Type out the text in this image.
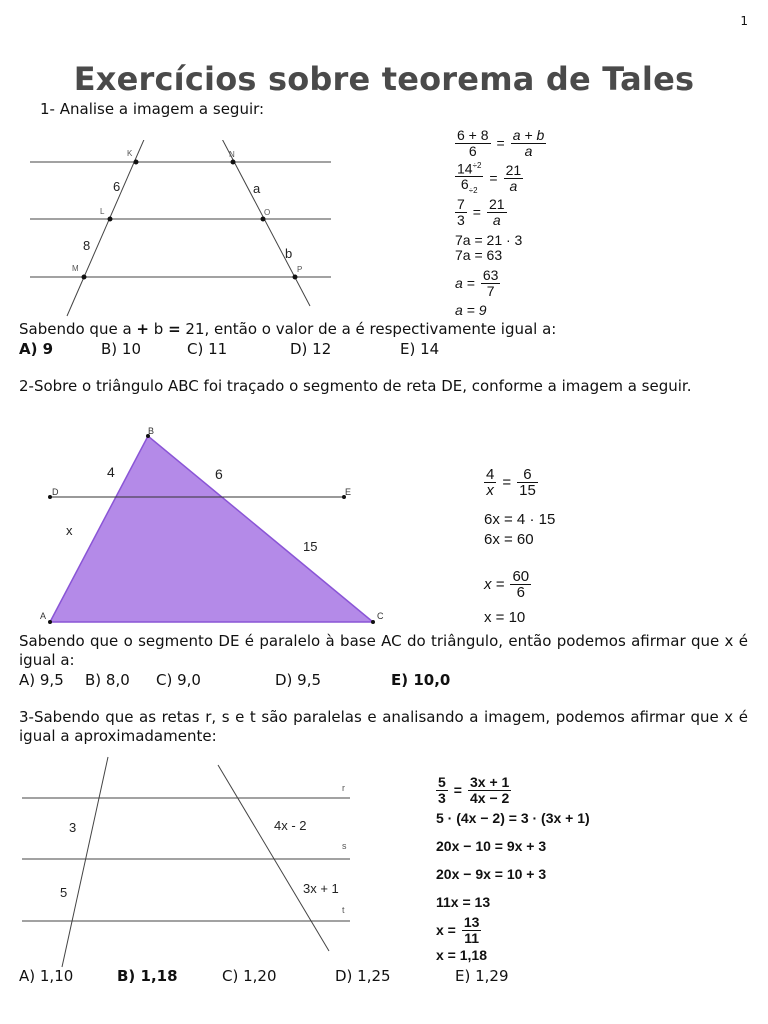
1
Exercícios sobre teorema de Tales
1- Analise a imagem a seguir:
K	N
L	O
M	P
6
8
a
b
$\frac{6 + 8}{6} = \frac{a + b}{a}$
$\frac{14^{\div 2}}{6_{\div 2}} = \frac{21}{a}$
$\frac{7}{3} = \frac{21}{a}$
7a = 21 · 3
7a = 63
$a = \frac{63}{7}$
a = 9
Sabendo que a + b = 21, então o valor de a é respectivamente igual a:
A) 9	B) 10	C) 11	D) 12	E) 14
2-Sobre o triângulo ABC foi traçado o segmento de reta DE, conforme a imagem a seguir.
B
D	E
A	C
4	6
x
15
$\frac{4}{x} = \frac{6}{15}$
6x = 4 · 15
6x = 60
$x = \frac{60}{6}$
x = 10
Sabendo que o segmento DE é paralelo à base AC do triângulo, então podemos afirmar que x é igual a:
A) 9,5 B) 8,0 C) 9,0	D) 9,5	E) 10,0
3-Sabendo que as retas r, s e t são paralelas e analisando a imagem, podemos afirmar que x é igual a aproximadamente:
r
s
t
3
5
4x - 2
3x + 1
$\frac{5}{3} = \frac{3x + 1}{4x - 2}$
5 · (4x − 2) = 3 · (3x + 1)
20x − 10 = 9x + 3
20x − 9x = 10 + 3
11x = 13
$x = \frac{13}{11}$
x = 1,18
A) 1,10	B) 1,18	C) 1,20	D) 1,25	E) 1,29
